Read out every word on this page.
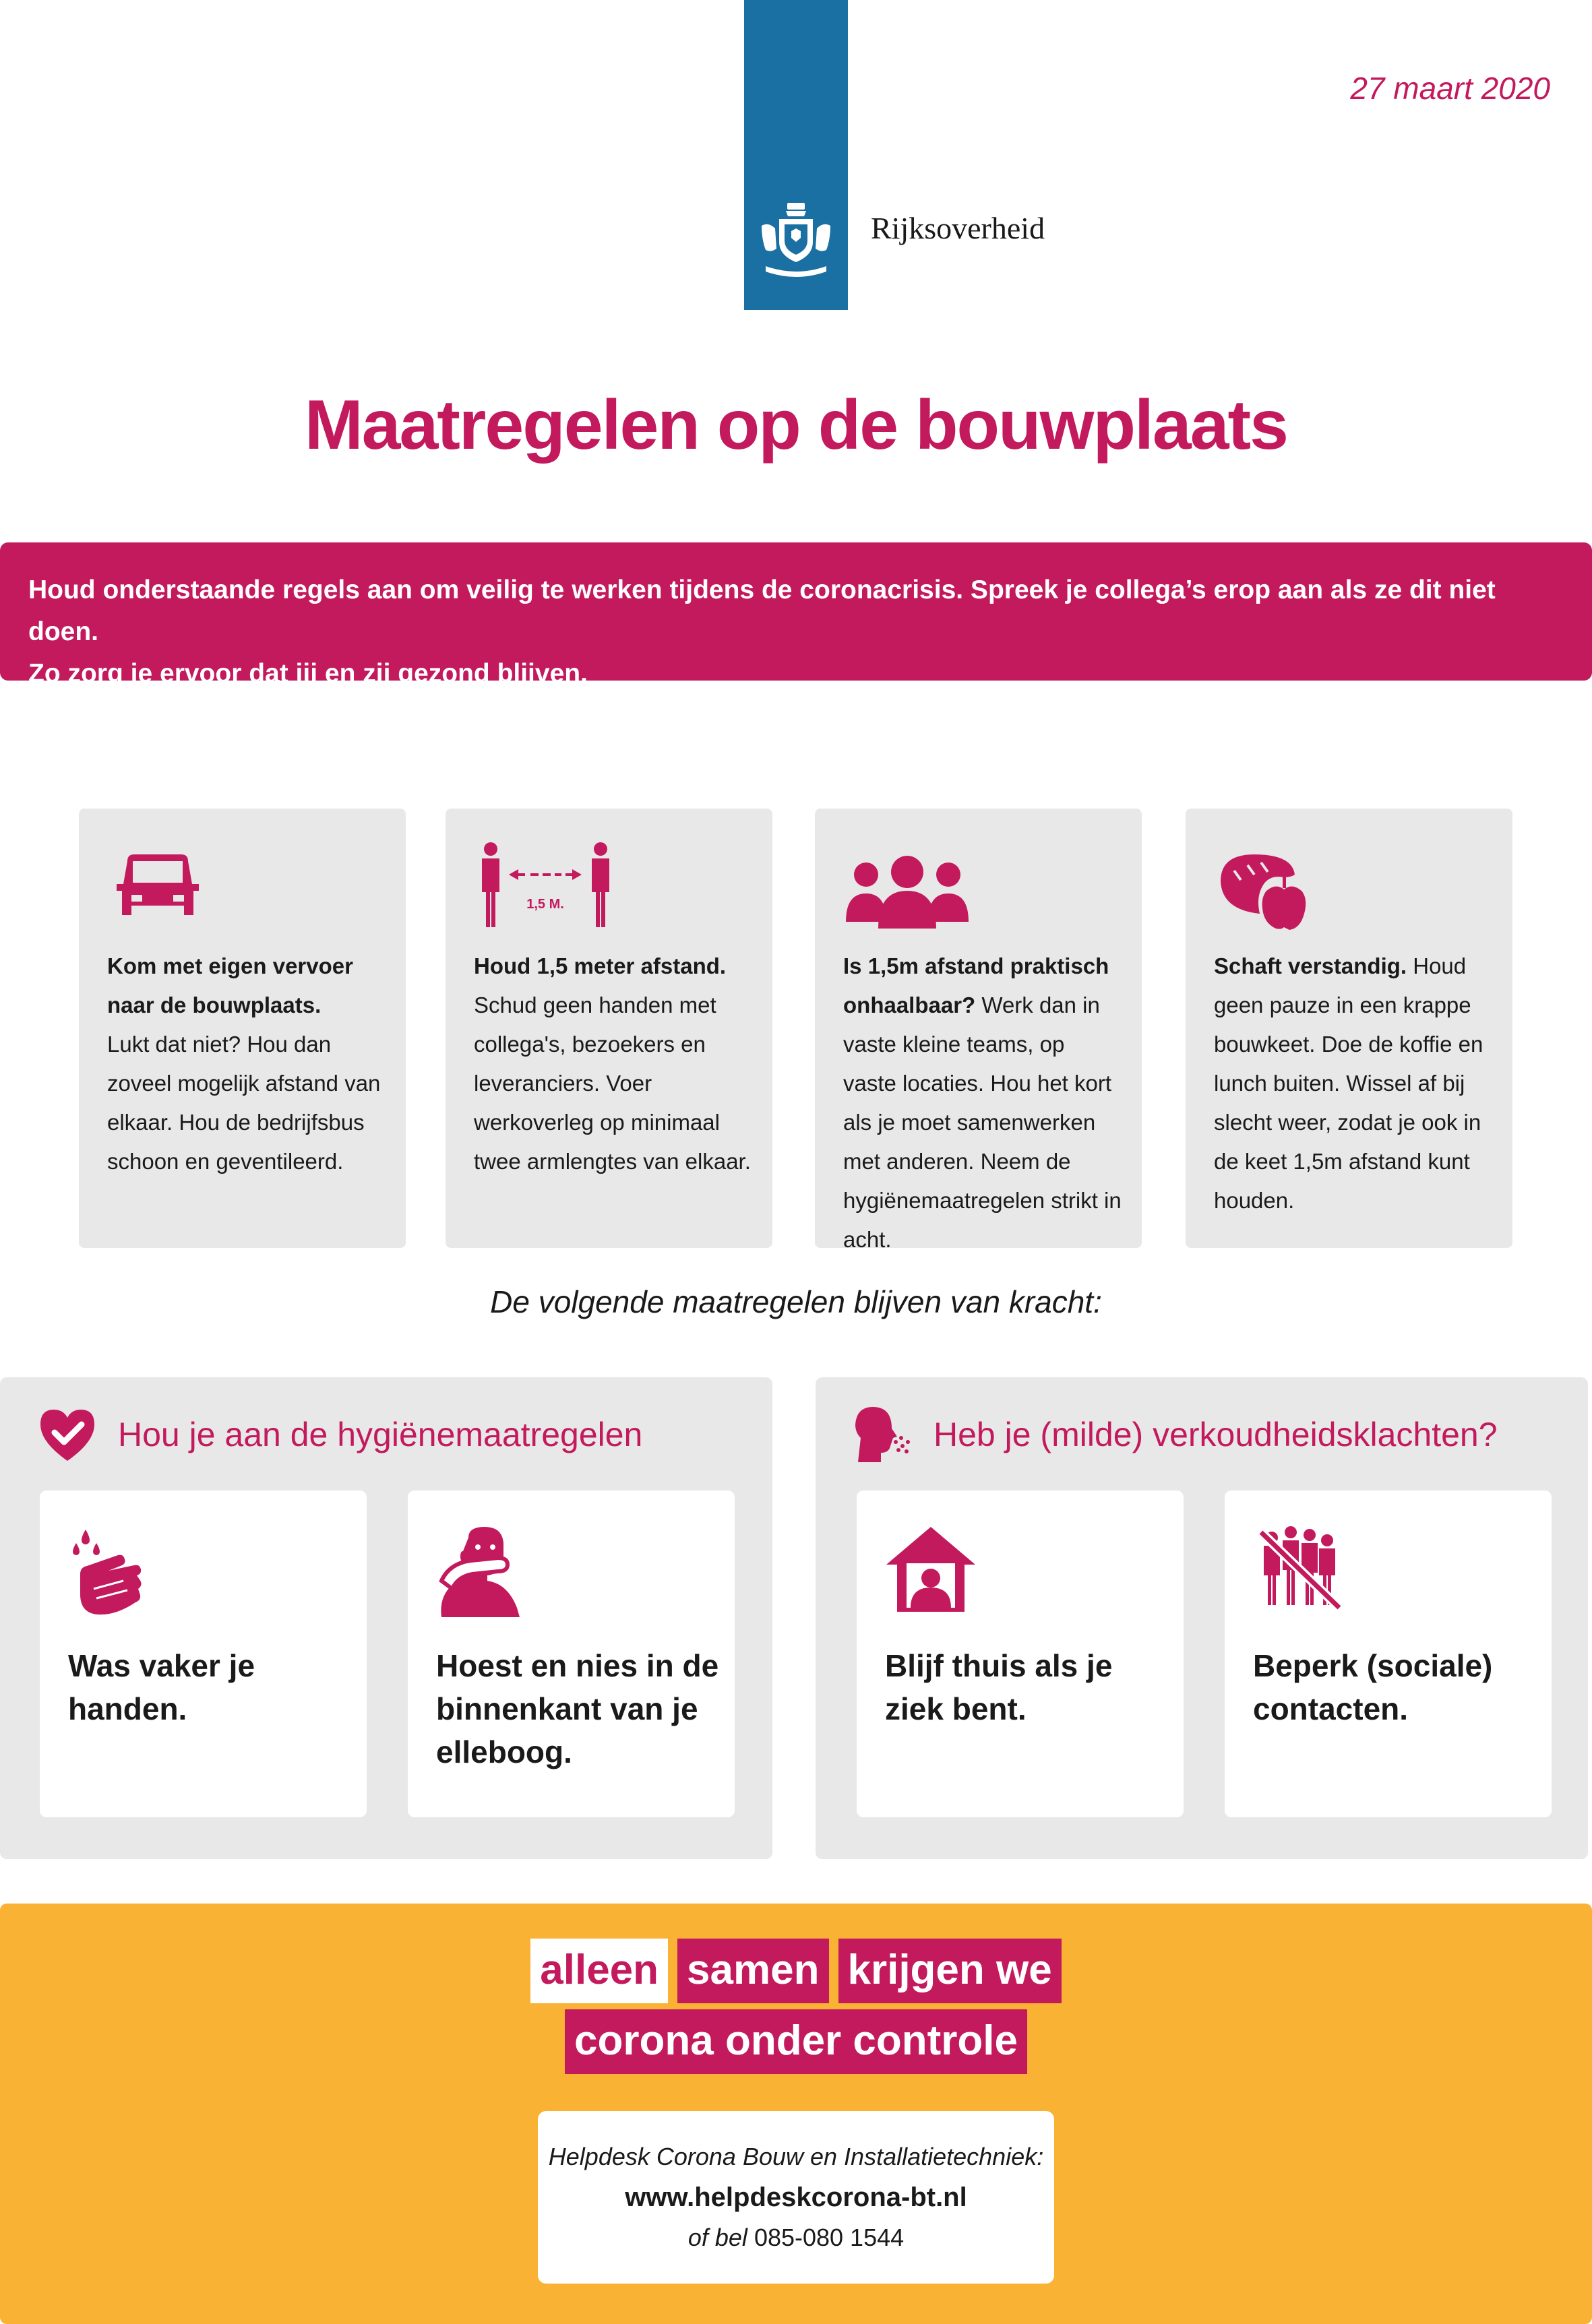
Rijksoverheid
27 maart 2020
Maatregelen op de bouwplaats
Houd onderstaande regels aan om veilig te werken tijdens de coronacrisis. Spreek je collega’s erop aan als ze dit niet doen.
Zo zorg je ervoor dat jij en zij gezond blijven.
Kom met eigen vervoer naar de bouwplaats.
Lukt dat niet? Hou dan zoveel mogelijk afstand van elkaar. Hou de bedrijfsbus schoon en geventileerd.
1,5 M.
Houd 1,5 meter afstand.
Schud geen handen met collega's, bezoekers en leveranciers. Voer werkoverleg op minimaal twee armlengtes van elkaar.
Is 1,5m afstand praktisch onhaalbaar? Werk dan in vaste kleine teams, op vaste locaties. Hou het kort als je moet samenwerken met anderen. Neem de hygiënemaatregelen strikt in acht.
Schaft verstandig. Houd geen pauze in een krappe bouwkeet. Doe de koffie en lunch buiten. Wissel af bij slecht weer, zodat je ook in de keet 1,5m afstand kunt houden.
De volgende maatregelen blijven van kracht:
Hou je aan de hygiënemaatregelen
Was vaker je handen.
Hoest en nies in de binnenkant van je elleboog.
Heb je (milde) verkoudheidsklachten?
Blijf thuis als je ziek bent.
Beperk (sociale) contacten.
alleen samen krijgen we
corona onder controle
Helpdesk Corona Bouw en Installatietechniek:
www.helpdeskcorona-bt.nl
of bel 085-080 1544
